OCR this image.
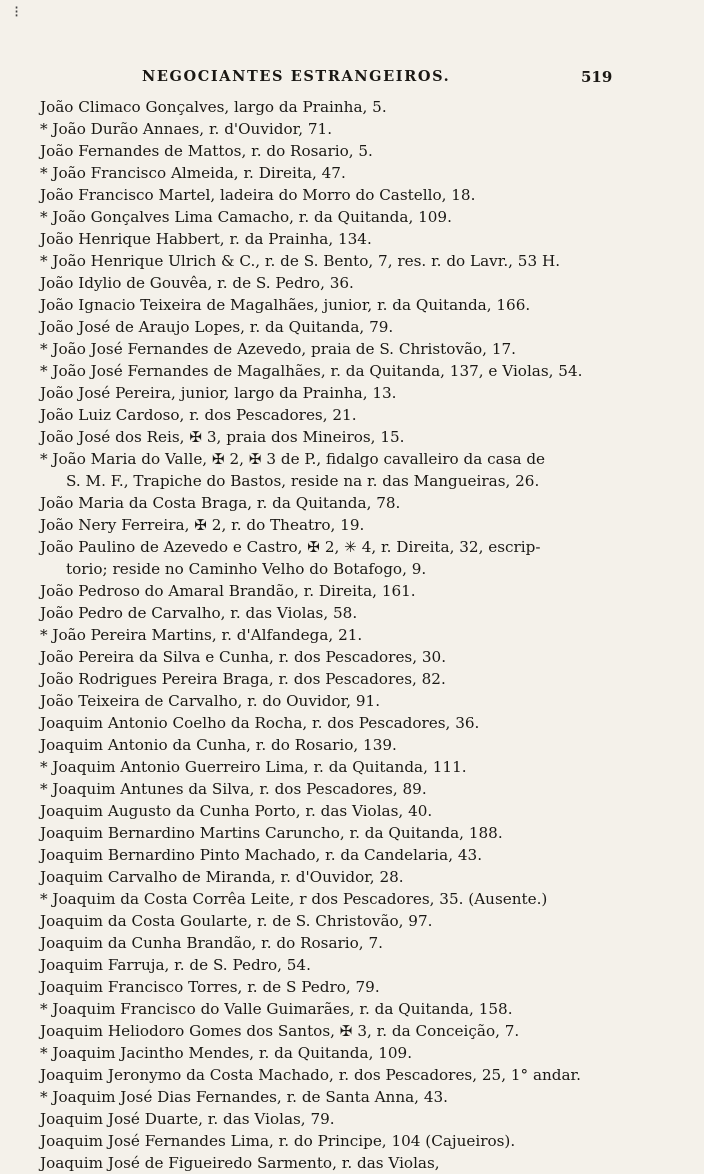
⁝
NEGOCIANTES ESTRANGEIROS.	519

João Climaco Gonçalves, largo da Prainha, 5.

* João Durão Annaes, r. d'Ouvidor, 71.

João Fernandes de Mattos, r. do Rosario, 5.

* João Francisco Almeida, r. Direita, 47.

João Francisco Martel, ladeira do Morro do Castello, 18.

* João Gonçalves Lima Camacho, r. da Quitanda, 109.

João Henrique Habbert, r. da Prainha, 134.

* João Henrique Ulrich & C., r. de S. Bento, 7, res. r. do Lavr., 53 H.

João Idylio de Gouvêa, r. de S. Pedro, 36.

João Ignacio Teixeira de Magalhães, junior, r. da Quitanda, 166.

João José de Araujo Lopes, r. da Quitanda, 79.

* João José Fernandes de Azevedo, praia de S. Christovão, 17.

* João José Fernandes de Magalhães, r. da Quitanda, 137, e Violas, 54.

João José Pereira, junior, largo da Prainha, 13.

João Luiz Cardoso, r. dos Pescadores, 21.

João José dos Reis, ✠ 3, praia dos Mineiros, 15.

* João Maria do Valle, ✠ 2, ✠ 3 de P., fidalgo cavalleiro da casa de

S. M. F., Trapiche do Bastos, reside na r. das Mangueiras, 26.

João Maria da Costa Braga, r. da Quitanda, 78.

João Nery Ferreira, ✠ 2, r. do Theatro, 19.

João Paulino de Azevedo e Castro, ✠ 2, ✳ 4, r. Direita, 32, escrip-

torio; reside no Caminho Velho do Botafogo, 9.

João Pedroso do Amaral Brandão, r. Direita, 161.

João Pedro de Carvalho, r. das Violas, 58.

* João Pereira Martins, r. d'Alfandega, 21.

João Pereira da Silva e Cunha, r. dos Pescadores, 30.

João Rodrigues Pereira Braga, r. dos Pescadores, 82.

João Teixeira de Carvalho, r. do Ouvidor, 91.

Joaquim Antonio Coelho da Rocha, r. dos Pescadores, 36.

Joaquim Antonio da Cunha, r. do Rosario, 139.

* Joaquim Antonio Guerreiro Lima, r. da Quitanda, 111.

* Joaquim Antunes da Silva, r. dos Pescadores, 89.

Joaquim Augusto da Cunha Porto, r. das Violas, 40.

Joaquim Bernardino Martins Caruncho, r. da Quitanda, 188.

Joaquim Bernardino Pinto Machado, r. da Candelaria, 43.

Joaquim Carvalho de Miranda, r. d'Ouvidor, 28.

* Joaquim da Costa Corrêa Leite, r dos Pescadores, 35. (Ausente.)

Joaquim da Costa Goularte, r. de S. Christovão, 97.

Joaquim da Cunha Brandão, r. do Rosario, 7.

Joaquim Farruja, r. de S. Pedro, 54.

Joaquim Francisco Torres, r. de S Pedro, 79.

* Joaquim Francisco do Valle Guimarães, r. da Quitanda, 158.

Joaquim Heliodoro Gomes dos Santos, ✠ 3, r. da Conceição, 7.

* Joaquim Jacintho Mendes, r. da Quitanda, 109.

Joaquim Jeronymo da Costa Machado, r. dos Pescadores, 25, 1° andar.

* Joaquim José Dias Fernandes, r. de Santa Anna, 43.

Joaquim José Duarte, r. das Violas, 79.

Joaquim José Fernandes Lima, r. do Principe, 104 (Cajueiros).

Joaquim José de Figueiredo Sarmento, r. das Violas,
